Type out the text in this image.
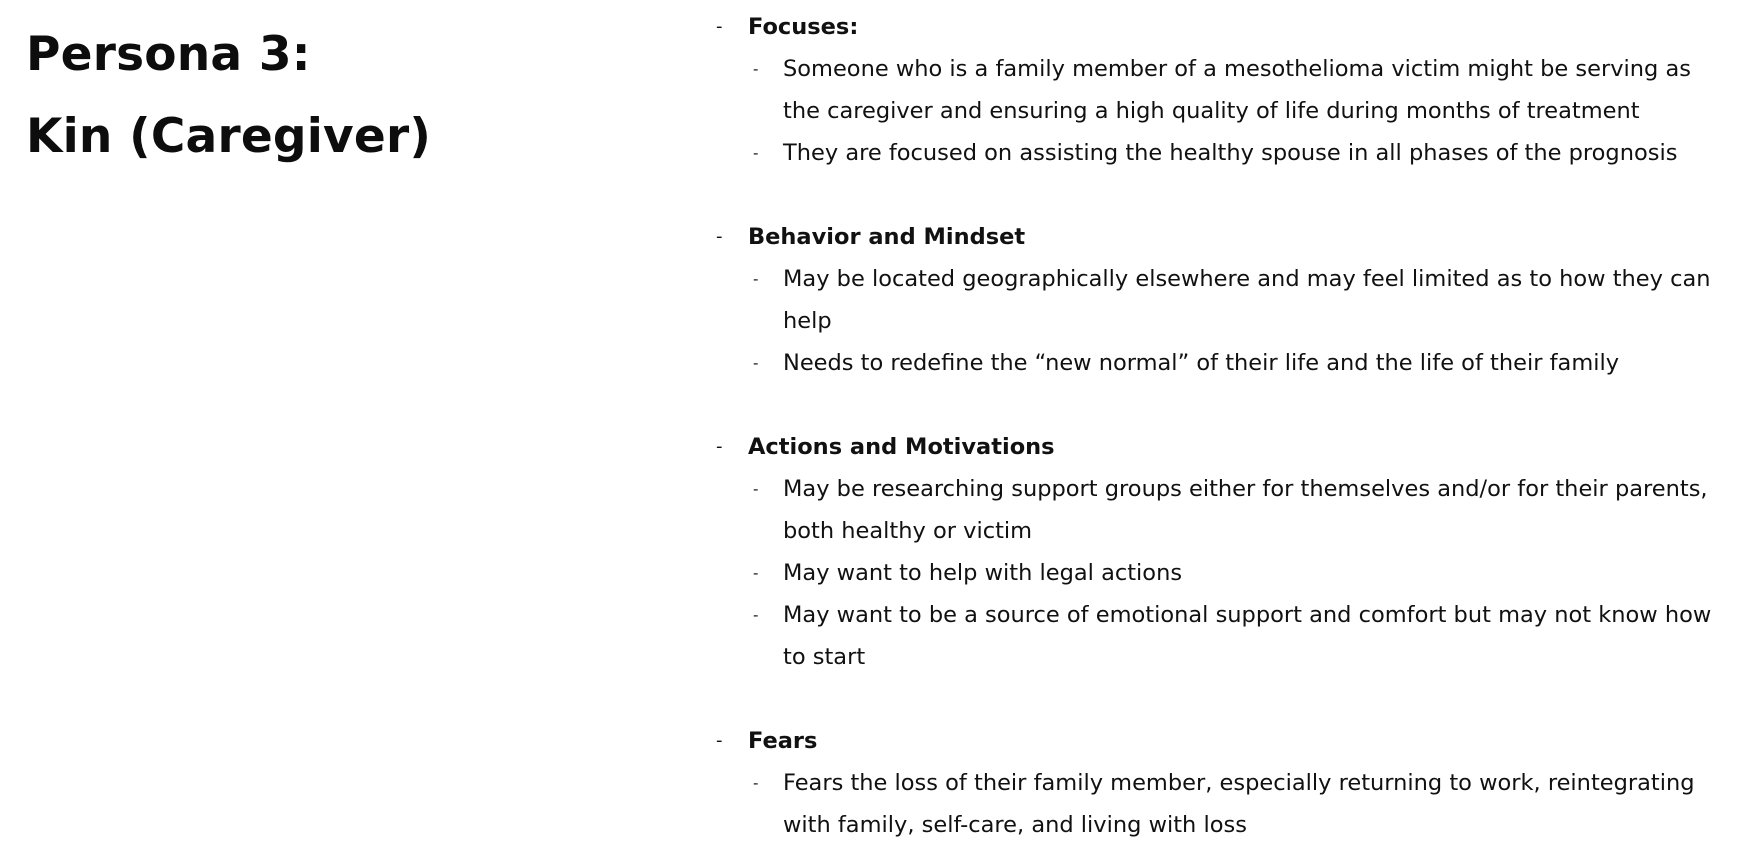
Persona 3:
Kin (Caregiver)
- Focuses:
- Someone who is a family member of a mesothelioma victim might be serving as the caregiver and ensuring a high quality of life during months of treatment
- They are focused on assisting the healthy spouse in all phases of the prognosis
- Behavior and Mindset
- May be located geographically elsewhere and may feel limited as to how they can help
- Needs to redefine the “new normal” of their life and the life of their family
- Actions and Motivations
- May be researching support groups either for themselves and/or for their parents, both healthy or victim
- May want to help with legal actions
- May want to be a source of emotional support and comfort but may not know how to start
- Fears
- Fears the loss of their family member, especially returning to work, reintegrating with family, self-care, and living with loss
